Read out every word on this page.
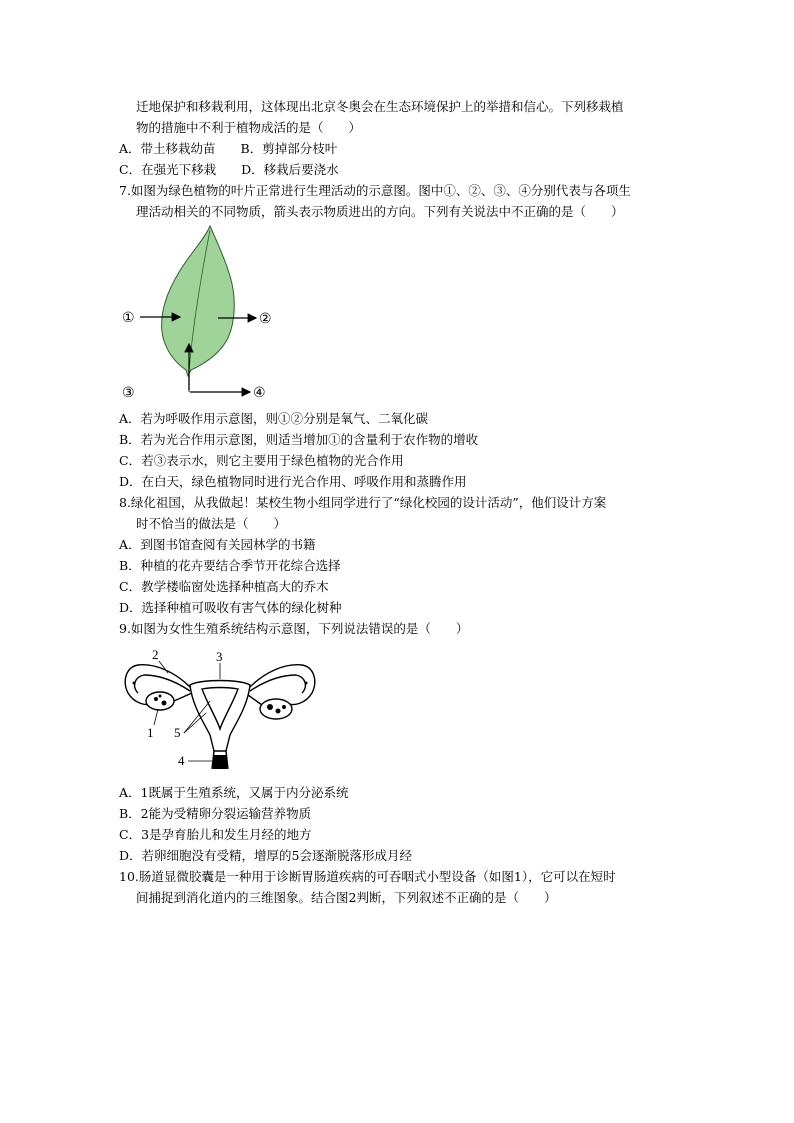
迁地保护和移栽利用，这体现出北京冬奥会在生态环境保护上的举措和信心。下列移栽植
物的措施中不利于植物成活的是（　　）
A．带土移栽幼苗　　B．剪掉部分枝叶
C．在强光下移栽　　D．移栽后要浇水
7.如图为绿色植物的叶片正常进行生理活动的示意图。图中①、②、③、④分别代表与各项生
理活动相关的不同物质，箭头表示物质进出的方向。下列有关说法中不正确的是（　　）
①	②
③	④
A．若为呼吸作用示意图，则①②分别是氧气、二氧化碳
B．若为光合作用示意图，则适当增加①的含量利于农作物的增收
C．若③表示水，则它主要用于绿色植物的光合作用
D．在白天，绿色植物同时进行光合作用、呼吸作用和蒸腾作用
8.绿化祖国，从我做起！某校生物小组同学进行了“绿化校园的设计活动”，他们设计方案
时不恰当的做法是（　　）
A．到图书馆查阅有关园林学的书籍
B．种植的花卉要结合季节开花综合选择
C．教学楼临窗处选择种植高大的乔木
D．选择种植可吸收有害气体的绿化树种
9.如图为女性生殖系统结构示意图，下列说法错误的是（　　）
2	3
1 5
4
A．1既属于生殖系统，又属于内分泌系统
B．2能为受精卵分裂运输营养物质
C．3是孕育胎儿和发生月经的地方
D．若卵细胞没有受精，增厚的5会逐渐脱落形成月经
10.肠道显微胶囊是一种用于诊断胃肠道疾病的可吞咽式小型设备（如图1），它可以在短时
间捕捉到消化道内的三维图象。结合图2判断，下列叙述不正确的是（　　）
